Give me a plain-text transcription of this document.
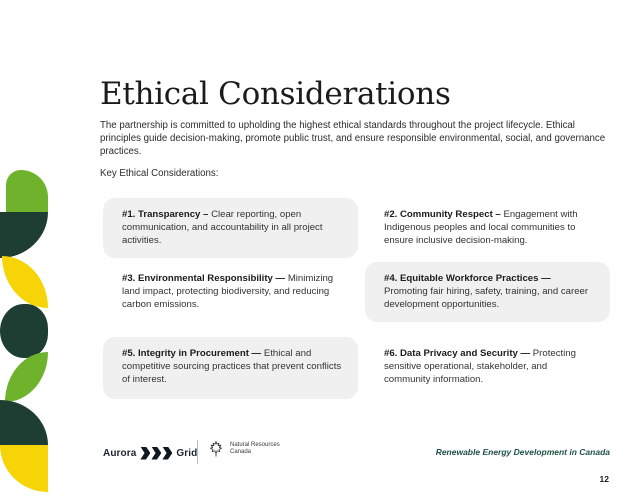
Ethical Considerations

The partnership is committed to upholding the highest ethical standards throughout the project lifecycle. Ethical principles guide decision-making, promote public trust, and ensure responsible environmental, social, and governance practices.

Key Ethical Considerations:

#1. Transparency – Clear reporting, open communication, and accountability in all project activities.

#2. Community Respect – Engagement with Indigenous peoples and local communities to ensure inclusive decision-making.

#3. Environmental Responsibility — Minimizing land impact, protecting biodiversity, and reducing carbon emissions.

#4. Equitable Workforce Practices — Promoting fair hiring, safety, training, and career development opportunities.

#5. Integrity in Procurement — Ethical and competitive sourcing practices that prevent conflicts of interest.

#6. Data Privacy and Security — Protecting sensitive operational, stakeholder, and community information.

Aurora	Grid
Natural Resources
Canada	Renewable Energy Development in Canada
12
